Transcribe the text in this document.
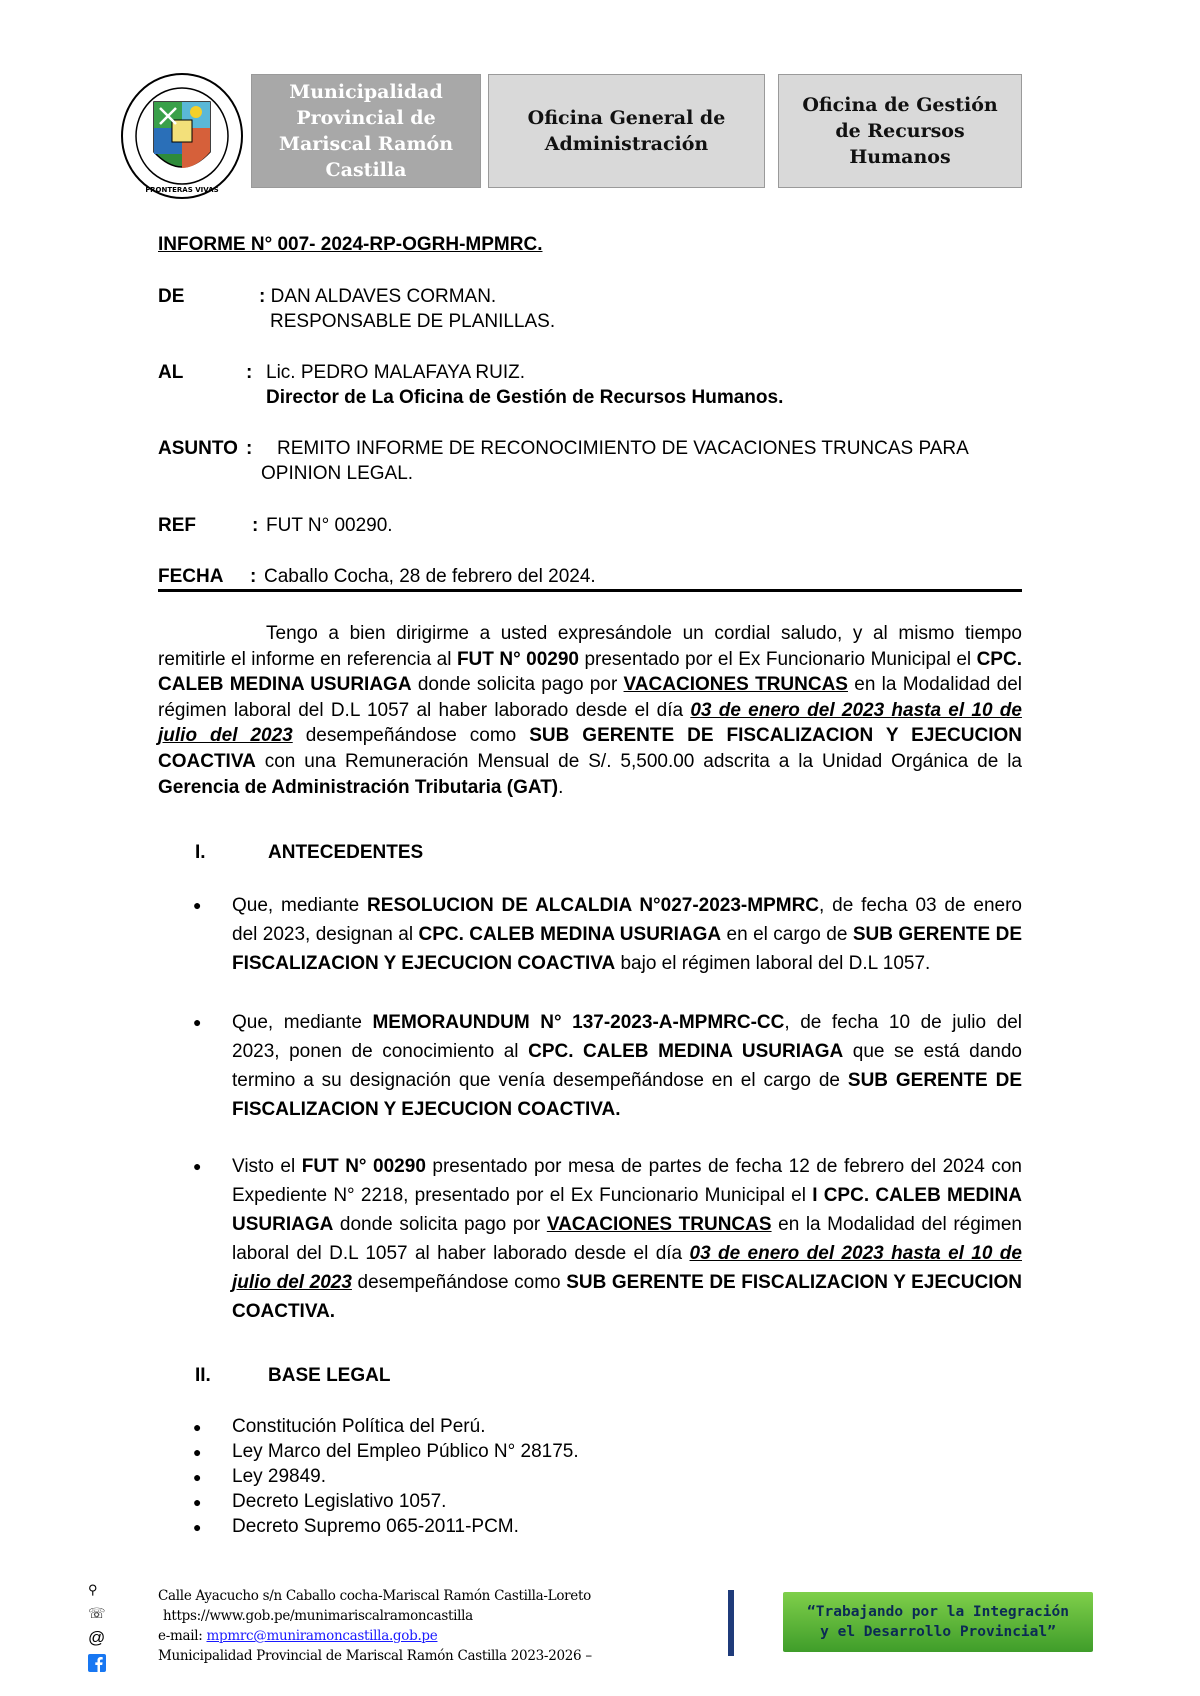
FRONTERAS VIVAS
Municipalidad
Provincial de
Mariscal Ramón
Castilla
Oficina General de
Administración
Oficina de Gestión
de Recursos
Humanos
INFORME N° 007- 2024-RP-OGRH-MPMRC.
DE	: DAN ALDAVES CORMAN.
RESPONSABLE DE PLANILLAS.
AL	: Lic. PEDRO MALAFAYA RUIZ.
Director de La Oficina de Gestión de Recursos Humanos.
ASUNTO : REMITO INFORME DE RECONOCIMIENTO DE VACACIONES TRUNCAS PARA
OPINION LEGAL.
REF	: FUT N° 00290.
FECHA : Caballo Cocha, 28 de febrero del 2024.
Tengo a bien dirigirme a usted expresándole un cordial saludo, y al mismo tiempo remitirle el informe en referencia al FUT N° 00290 presentado por el Ex Funcionario Municipal el CPC. CALEB MEDINA USURIAGA donde solicita pago por VACACIONES TRUNCAS en la Modalidad del régimen laboral del D.L 1057 al haber laborado desde el día 03 de enero del 2023 hasta el 10 de julio del 2023 desempeñándose como SUB GERENTE DE FISCALIZACION Y EJECUCION COACTIVA con una Remuneración Mensual de S/. 5,500.00 adscrita a la Unidad Orgánica de la Gerencia de Administración Tributaria (GAT).
I.	ANTECEDENTES
● Que, mediante RESOLUCION DE ALCALDIA N°027-2023-MPMRC, de fecha 03 de enero del 2023, designan al CPC. CALEB MEDINA USURIAGA en el cargo de SUB GERENTE DE FISCALIZACION Y EJECUCION COACTIVA bajo el régimen laboral del D.L 1057.
● Que, mediante MEMORAUNDUM N° 137-2023-A-MPMRC-CC, de fecha 10 de julio del 2023, ponen de conocimiento al CPC. CALEB MEDINA USURIAGA que se está dando termino a su designación que venía desempeñándose en el cargo de SUB GERENTE DE FISCALIZACION Y EJECUCION COACTIVA.
● Visto el FUT N° 00290 presentado por mesa de partes de fecha 12 de febrero del 2024 con Expediente N° 2218, presentado por el Ex Funcionario Municipal el I CPC. CALEB MEDINA USURIAGA donde solicita pago por VACACIONES TRUNCAS en la Modalidad del régimen laboral del D.L 1057 al haber laborado desde el día 03 de enero del 2023 hasta el 10 de julio del 2023 desempeñándose como SUB GERENTE DE FISCALIZACION Y EJECUCION COACTIVA.
II.	BASE LEGAL
● Constitución Política del Perú.
● Ley Marco del Empleo Público N° 28175.
● Ley 29849.
● Decreto Legislativo 1057.
● Decreto Supremo 065-2011-PCM.
⚲
☏
@
Calle Ayacucho s/n Caballo cocha-Mariscal Ramón Castilla-Loreto
https://www.gob.pe/munimariscalramoncastilla
e-mail: mpmrc@muniramoncastilla.gob.pe
Municipalidad Provincial de Mariscal Ramón Castilla 2023-2026 –
“Trabajando por la Integración
y el Desarrollo Provincial”
